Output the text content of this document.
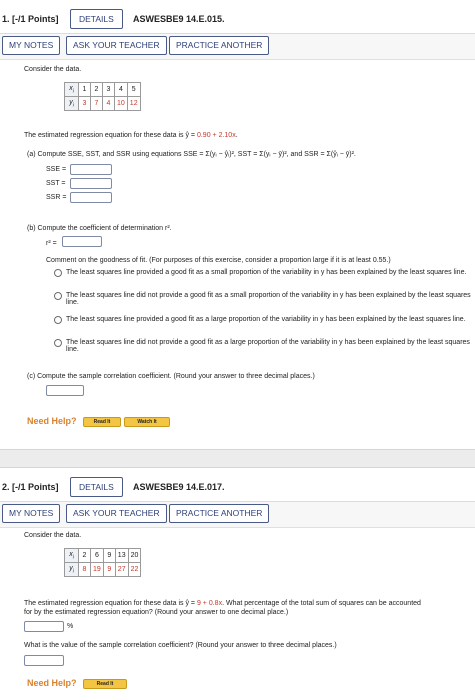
1. [-/1 Points]	DETAILS	ASWESBE9 14.E.015.
MY NOTES	ASK YOUR TEACHER	PRACTICE ANOTHER
Consider the data.
$x_i$	1	2	3	4	5
$y_i$	3	7	4	10	12
The estimated regression equation for these data is ŷ = 0.90 + 2.10x.
(a) Compute SSE, SST, and SSR using equations SSE = Σ(yᵢ − ŷᵢ)², SST = Σ(yᵢ − ȳ)², and SSR = Σ(ŷᵢ − ȳ)².
SSE =
SST =
SSR =
(b) Compute the coefficient of determination r².
r² =
Comment on the goodness of fit. (For purposes of this exercise, consider a proportion large if it is at least 0.55.)
The least squares line provided a good fit as a small proportion of the variability in y has been explained by the least squares line.
The least squares line did not provide a good fit as a small proportion of the variability in y has been explained by the least squares line.
The least squares line provided a good fit as a large proportion of the variability in y has been explained by the least squares line.
The least squares line did not provide a good fit as a large proportion of the variability in y has been explained by the least squares line.
(c) Compute the sample correlation coefficient. (Round your answer to three decimal places.)
Need Help?	Read It	Watch It
2. [-/1 Points]	DETAILS	ASWESBE9 14.E.017.
MY NOTES	ASK YOUR TEACHER	PRACTICE ANOTHER
Consider the data.
$x_i$	2	6	9	13	20
$y_i$	8	19	9	27	22
The estimated regression equation for these data is ŷ = 9 + 0.8x. What percentage of the total sum of squares can be accounted
for by the estimated regression equation? (Round your answer to one decimal place.)
%
What is the value of the sample correlation coefficient? (Round your answer to three decimal places.)
Need Help?	Read It
